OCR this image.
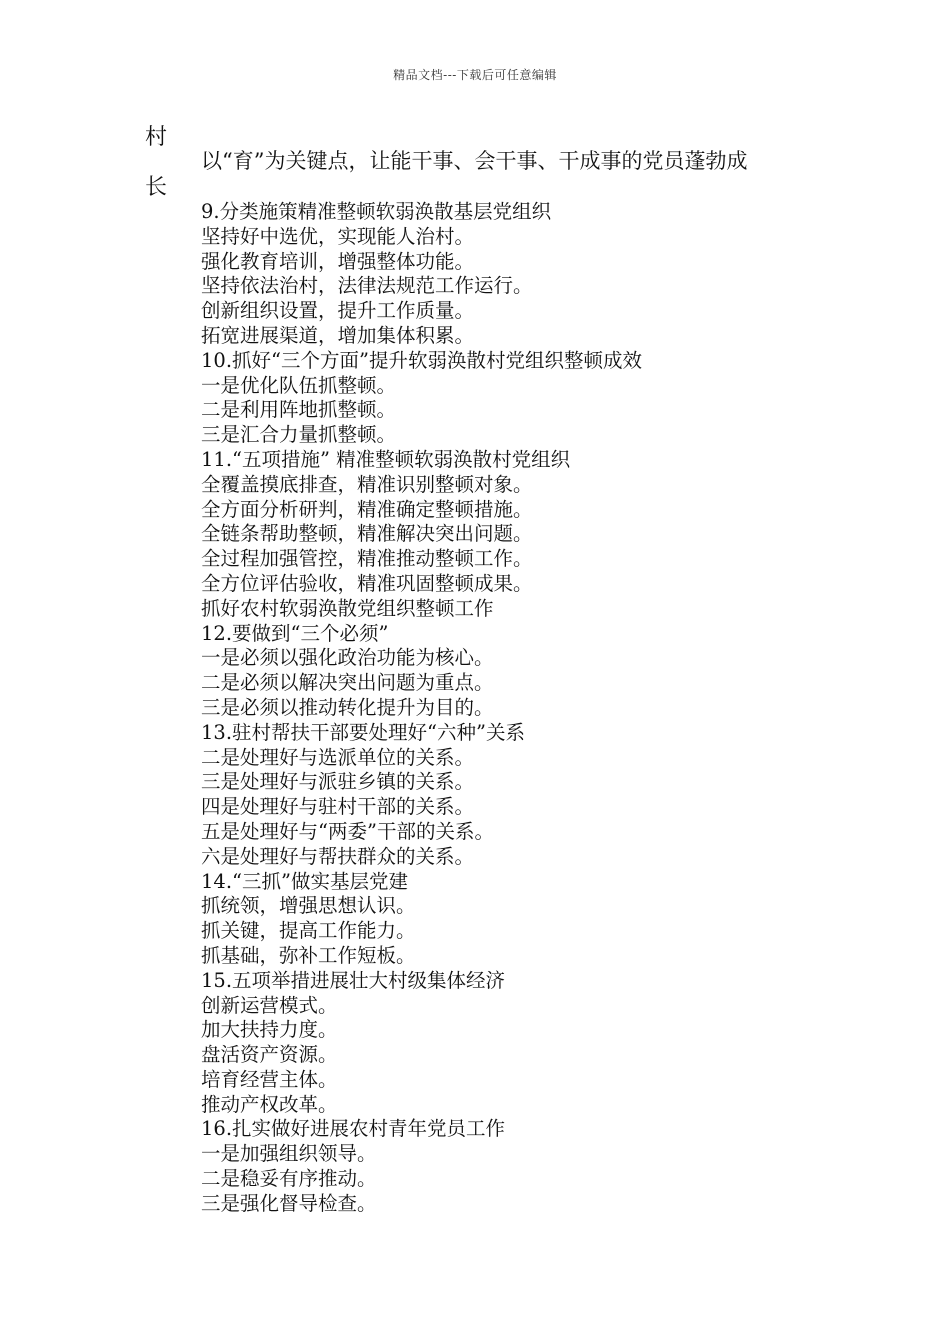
精品文档---下载后可任意编辑
村
以“育”为关键点，让能干事、会干事、干成事的党员蓬勃成
长
9.分类施策精准整顿软弱涣散基层党组织
坚持好中选优，实现能人治村。
强化教育培训，增强整体功能。
坚持依法治村，法律法规范工作运行。
创新组织设置，提升工作质量。
拓宽进展渠道，增加集体积累。
10.抓好“三个方面”提升软弱涣散村党组织整顿成效
一是优化队伍抓整顿。
二是利用阵地抓整顿。
三是汇合力量抓整顿。
11.“五项措施” 精准整顿软弱涣散村党组织
全覆盖摸底排查，精准识别整顿对象。
全方面分析研判，精准确定整顿措施。
全链条帮助整顿，精准解决突出问题。
全过程加强管控，精准推动整顿工作。
全方位评估验收，精准巩固整顿成果。
抓好农村软弱涣散党组织整顿工作
12.要做到“三个必须”
一是必须以强化政治功能为核心。
二是必须以解决突出问题为重点。
三是必须以推动转化提升为目的。
13.驻村帮扶干部要处理好“六种”关系
二是处理好与选派单位的关系。
三是处理好与派驻乡镇的关系。
四是处理好与驻村干部的关系。
五是处理好与“两委”干部的关系。
六是处理好与帮扶群众的关系。
14.“三抓”做实基层党建
抓统领，增强思想认识。
抓关键，提高工作能力。
抓基础，弥补工作短板。
15.五项举措进展壮大村级集体经济
创新运营模式。
加大扶持力度。
盘活资产资源。
培育经营主体。
推动产权改革。
16.扎实做好进展农村青年党员工作
一是加强组织领导。
二是稳妥有序推动。
三是强化督导检查。
